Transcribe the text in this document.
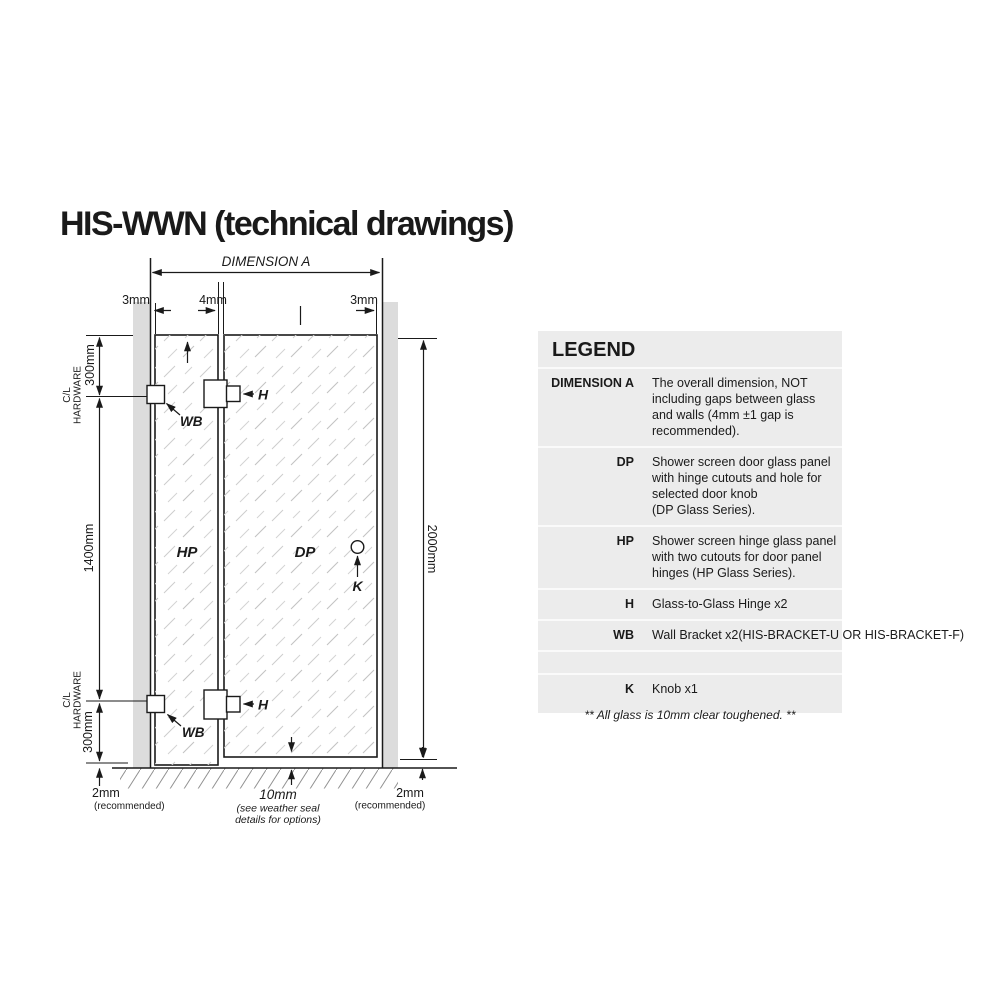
HIS-WWN (technical drawings)
DIMENSION A
3mm	4mm	3mm
300mm
1400mm
300mm
C/L HARDWARE
C/L HARDWARE
2mm
(recommended)
2000mm
2mm
(recommended)
10mm
(see weather seal
details for options)
WB
WB
H
H
HP	DP
K
LEGEND
DIMENSION A The overall dimension, NOT
including gaps between glass
and walls (4mm ±1 gap is
recommended).
DP Shower screen door glass panel
with hinge cutouts and hole for
selected door knob
(DP Glass Series).
HP Shower screen hinge glass panel
with two cutouts for door panel
hinges (HP Glass Series).
H Glass-to-Glass Hinge x2
WB Wall Bracket x2(HIS-BRACKET-U OR HIS-BRACKET-F)
K Knob x1
** All glass is 10mm clear toughened. **
